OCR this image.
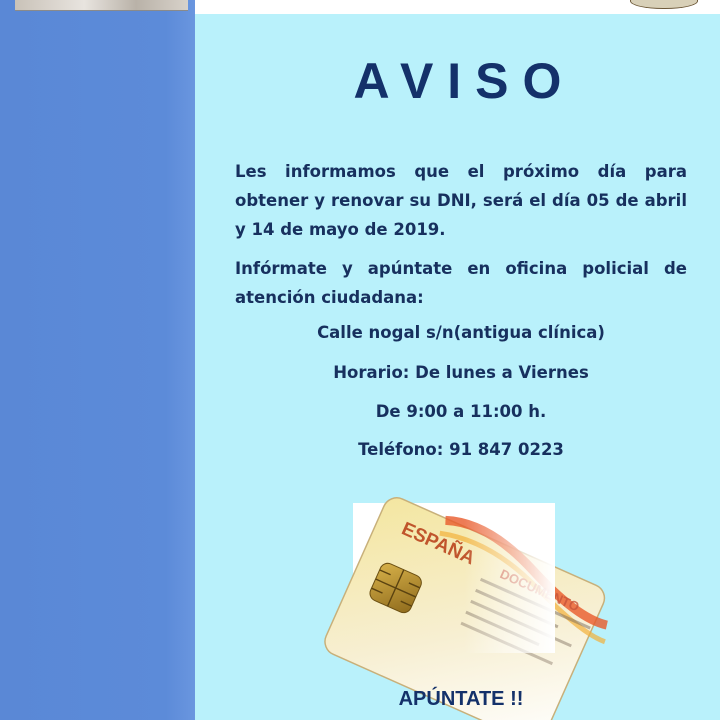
AVISO

Les informamos que el próximo día para obtener y renovar su DNI, será el día 05 de abril y 14 de mayo de 2019.

Infórmate y apúntate en oficina policial de atención ciudadana:

Calle nogal s/n(antigua clínica)
Horario: De lunes a Viernes
De 9:00 a 11:00 h.
Teléfono: 91 847 0223
APÚNTATE !!
